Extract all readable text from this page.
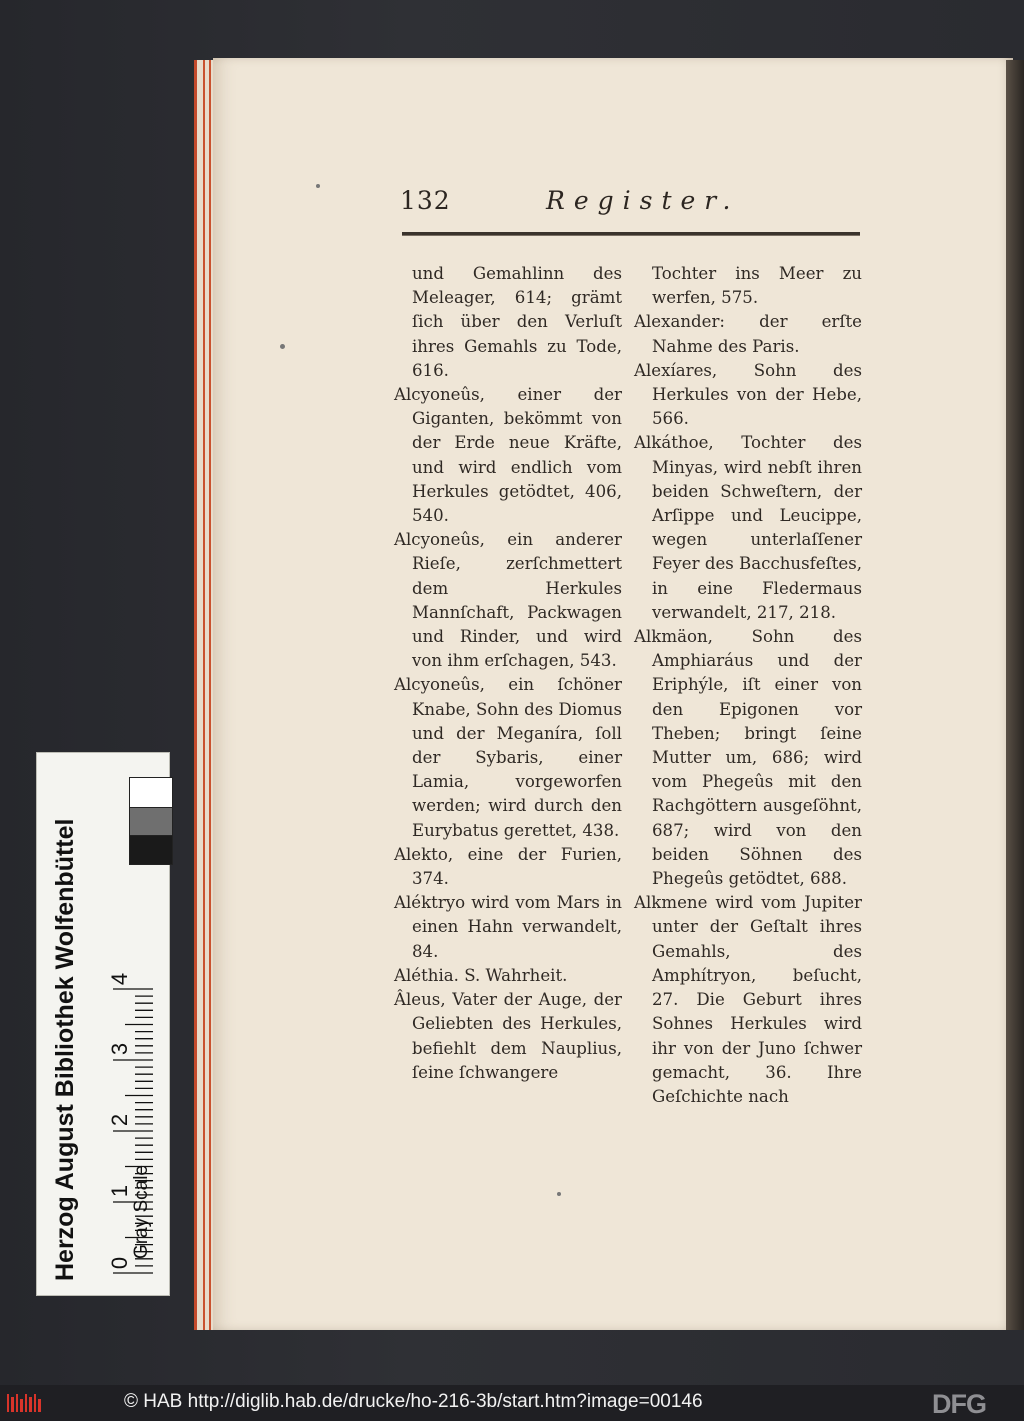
132	Register.

und Gemahlinn des Meleager, 614; grämt ſich über den Verluſt ihres Gemahls zu Tode, 616.

Alcyoneûs, einer der Giganten, bekömmt von der Erde neue Kräfte, und wird endlich vom Herkules getödtet, 406, 540.

Alcyoneûs, ein anderer Rieſe, zerſchmettert dem Herkules Mannſchaft, Packwagen und Rinder, und wird von ihm erſchagen, 543.

Alcyoneûs, ein ſchöner Knabe, Sohn des Diomus und der Meganíra, ſoll der Sybaris, einer Lamia, vorgeworfen werden; wird durch den Eurybatus gerettet, 438.

Alekto, eine der Furien, 374.

Aléktryo wird vom Mars in einen Hahn verwandelt, 84.

Aléthia. S. Wahrheit.

Âleus, Vater der Auge, der Geliebten des Herkules, befiehlt dem Nauplius, ſeine ſchwangere

Tochter ins Meer zu werfen, 575.

Alexander: der erſte Nahme des Paris.

Alexíares, Sohn des Herkules von der Hebe, 566.

Alkáthoe, Tochter des Minyas, wird nebſt ihren beiden Schweſtern, der Arſippe und Leucippe, wegen unterlaſſener Feyer des Bacchusfeſtes, in eine Fledermaus verwandelt, 217, 218.

Alkmäon, Sohn des Amphiaráus und der Eriphýle, iſt einer von den Epigonen vor Theben; bringt ſeine Mutter um, 686; wird vom Phegeûs mit den Rachgöttern ausgeſöhnt, 687; wird von den beiden Söhnen des Phegeûs getödtet, 688.

Alkmene wird vom Jupiter unter der Geſtalt ihres Gemahls, des Amphítryon, beſucht, 27. Die Geburt ihres Sohnes Herkules wird ihr von der Juno ſchwer gemacht, 36. Ihre Geſchichte nach

Herzog August Bibliothek Wolfenbüttel	Gray Scale
0
1
2
3
4
© HAB http://diglib.hab.de/drucke/ho-216-3b/start.htm?image=00146	DFG
